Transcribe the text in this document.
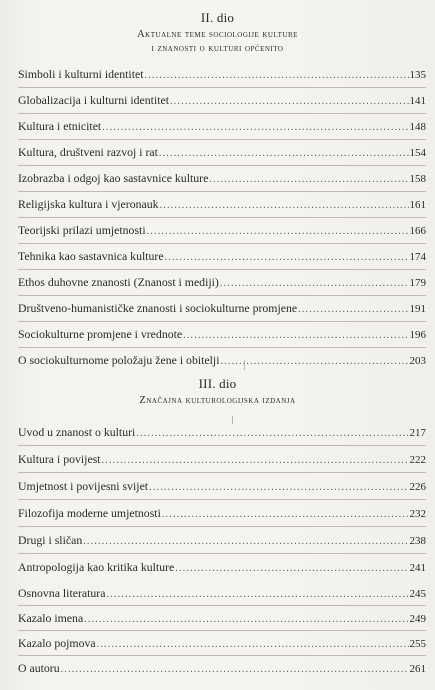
II. dio
Aktualne teme sociologije kulture
i znanosti o kulturi općenito
Simboli i kulturni identitet .....	135
Globalizacija i kulturni identitet .....	141
Kultura i etnicitet .....	148
Kultura, društveni razvoj i rat .....	154
Izobrazba i odgoj kao sastavnice kulture .....	158
Religijska kultura i vjeronauk .....	161
Teorijski prilazi umjetnosti .....	166
Tehnika kao sastavnica kulture .....	174
Ethos duhovne znanosti (Znanost i mediji) .....	179
Društveno-humanističke znanosti i sociokulturne promjene .....	191
Sociokulturne promjene i vrednote .....	196
O sociokulturnome položaju žene i obitelji .....	203
III. dio
Značajna kulturologijska izdanja
Uvod u znanost o kulturi .....	217
Kultura i povijest .....	222
Umjetnost i povijesni svijet .....	226
Filozofija moderne umjetnosti .....	232
Drugi i sličan .....	238
Antropologija kao kritika kulture .....	241
Osnovna literatura .....	245
Kazalo imena .....	249
Kazalo pojmova .....	255
O autoru .....	261
